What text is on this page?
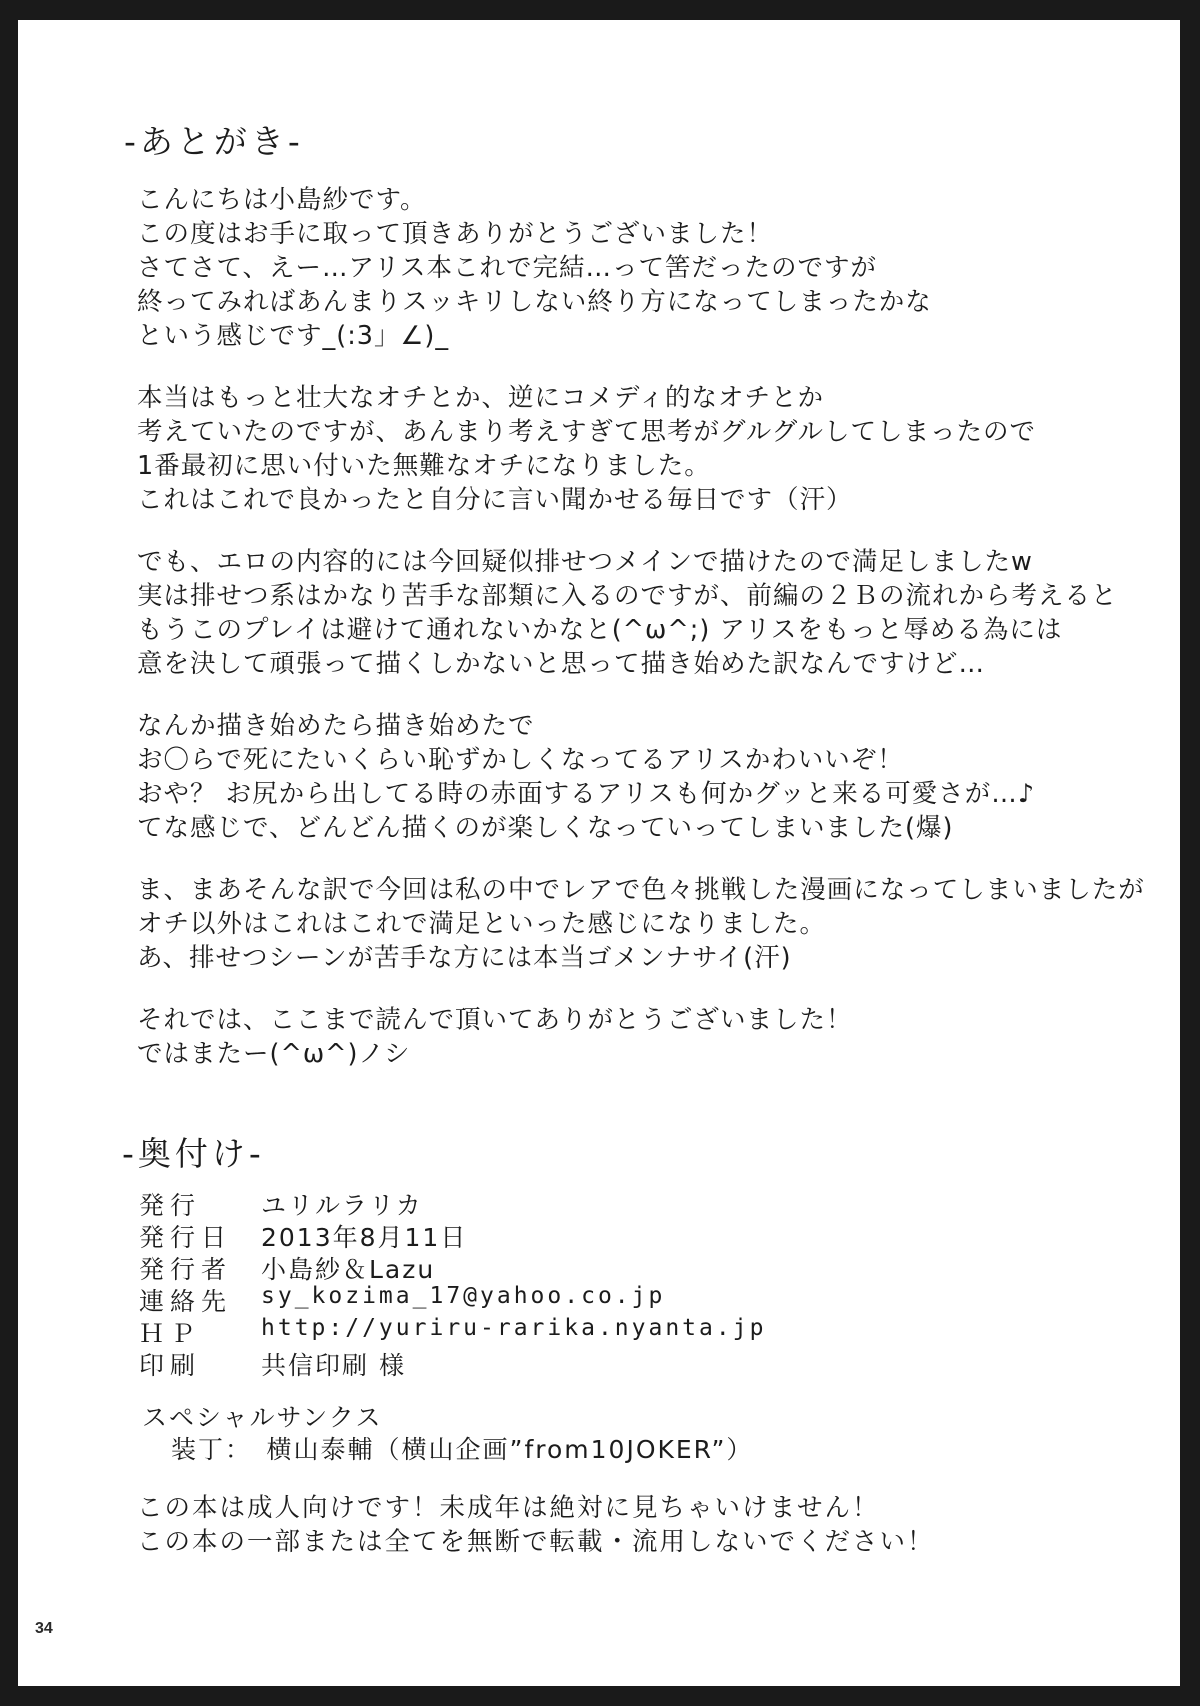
-あとがき-
こんにちは小島紗です。
この度はお手に取って頂きありがとうございました！
さてさて、えー…アリス本これで完結…って筈だったのですが
終ってみればあんまりスッキリしない終り方になってしまったかな
という感じです_(:3」∠)_
本当はもっと壮大なオチとか、逆にコメディ的なオチとか
考えていたのですが、あんまり考えすぎて思考がグルグルしてしまったので
1番最初に思い付いた無難なオチになりました。
これはこれで良かったと自分に言い聞かせる毎日です（汗）
でも、エロの内容的には今回疑似排せつメインで描けたので満足しましたw
実は排せつ系はかなり苦手な部類に入るのですが、前編の２Ｂの流れから考えると
もうこのプレイは避けて通れないかなと(^ω^;) アリスをもっと辱める為には
意を決して頑張って描くしかないと思って描き始めた訳なんですけど…
なんか描き始めたら描き始めたで
お〇らで死にたいくらい恥ずかしくなってるアリスかわいいぞ！
おや？ お尻から出してる時の赤面するアリスも何かグッと来る可愛さが…♪
てな感じで、どんどん描くのが楽しくなっていってしまいました(爆)
ま、まあそんな訳で今回は私の中でレアで色々挑戦した漫画になってしまいましたが
オチ以外はこれはこれで満足といった感じになりました。
あ、排せつシーンが苦手な方には本当ゴメンナサイ(汗)
それでは、ここまで読んで頂いてありがとうございました！
ではまたー(^ω^)ノシ
-奥付け-
発行 ユリルラリカ
発行日 2013年8月11日
発行者 小島紗＆Lazu
連絡先 sy_kozima_17@yahoo.co.jp
ＨＰ	http://yuriru-rarika.nyanta.jp
印刷 共信印刷 様
スペシャルサンクス
装丁：　横山泰輔（横山企画”from10JOKER”）
この本は成人向けです！未成年は絶対に見ちゃいけません！
この本の一部または全てを無断で転載・流用しないでください！
34
